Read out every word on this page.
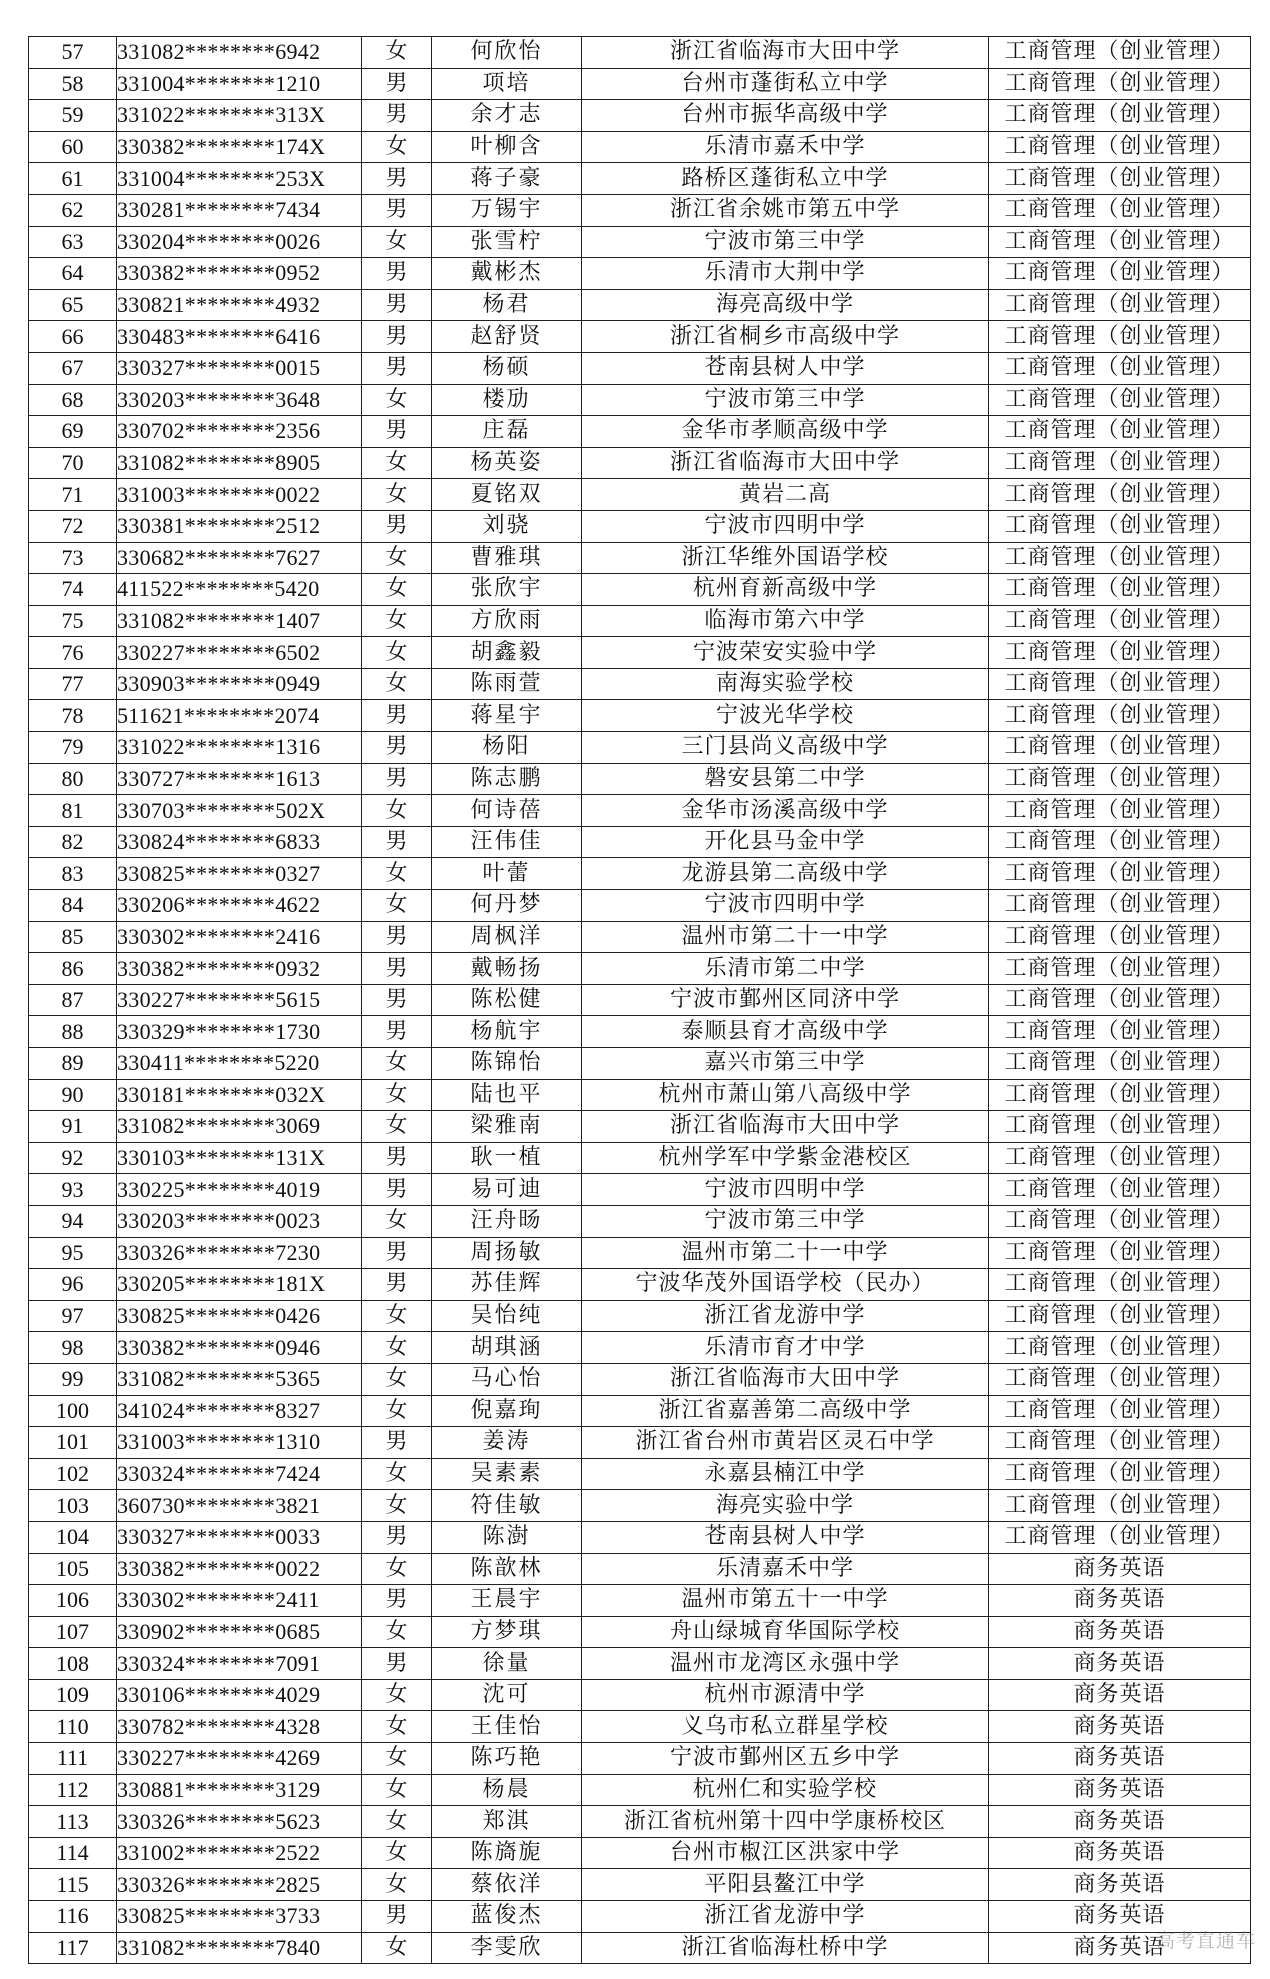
57	331082********6942	女	何欣怡	浙江省临海市大田中学	工商管理（创业管理）
58	331004********1210	男	项培	台州市蓬街私立中学	工商管理（创业管理）
59	331022********313X	男	余才志	台州市振华高级中学	工商管理（创业管理）
60	330382********174X	女	叶柳含	乐清市嘉禾中学	工商管理（创业管理）
61	331004********253X	男	蒋子豪	路桥区蓬街私立中学	工商管理（创业管理）
62	330281********7434	男	万锡宇	浙江省余姚市第五中学	工商管理（创业管理）
63	330204********0026	女	张雪柠	宁波市第三中学	工商管理（创业管理）
64	330382********0952	男	戴彬杰	乐清市大荆中学	工商管理（创业管理）
65	330821********4932	男	杨君	海亮高级中学	工商管理（创业管理）
66	330483********6416	男	赵舒贤	浙江省桐乡市高级中学	工商管理（创业管理）
67	330327********0015	男	杨硕	苍南县树人中学	工商管理（创业管理）
68	330203********3648	女	楼劢	宁波市第三中学	工商管理（创业管理）
69	330702********2356	男	庄磊	金华市孝顺高级中学	工商管理（创业管理）
70	331082********8905	女	杨英姿	浙江省临海市大田中学	工商管理（创业管理）
71	331003********0022	女	夏铭双	黄岩二高	工商管理（创业管理）
72	330381********2512	男	刘骁	宁波市四明中学	工商管理（创业管理）
73	330682********7627	女	曹雅琪	浙江华维外国语学校	工商管理（创业管理）
74	411522********5420	女	张欣宇	杭州育新高级中学	工商管理（创业管理）
75	331082********1407	女	方欣雨	临海市第六中学	工商管理（创业管理）
76	330227********6502	女	胡鑫毅	宁波荣安实验中学	工商管理（创业管理）
77	330903********0949	女	陈雨萱	南海实验学校	工商管理（创业管理）
78	511621********2074	男	蒋星宇	宁波光华学校	工商管理（创业管理）
79	331022********1316	男	杨阳	三门县尚义高级中学	工商管理（创业管理）
80	330727********1613	男	陈志鹏	磐安县第二中学	工商管理（创业管理）
81	330703********502X	女	何诗蓓	金华市汤溪高级中学	工商管理（创业管理）
82	330824********6833	男	汪伟佳	开化县马金中学	工商管理（创业管理）
83	330825********0327	女	叶蕾	龙游县第二高级中学	工商管理（创业管理）
84	330206********4622	女	何丹梦	宁波市四明中学	工商管理（创业管理）
85	330302********2416	男	周枫洋	温州市第二十一中学	工商管理（创业管理）
86	330382********0932	男	戴畅扬	乐清市第二中学	工商管理（创业管理）
87	330227********5615	男	陈松健	宁波市鄞州区同济中学	工商管理（创业管理）
88	330329********1730	男	杨航宇	泰顺县育才高级中学	工商管理（创业管理）
89	330411********5220	女	陈锦怡	嘉兴市第三中学	工商管理（创业管理）
90	330181********032X	女	陆也平	杭州市萧山第八高级中学	工商管理（创业管理）
91	331082********3069	女	梁雅南	浙江省临海市大田中学	工商管理（创业管理）
92	330103********131X	男	耿一植	杭州学军中学紫金港校区	工商管理（创业管理）
93	330225********4019	男	易可迪	宁波市四明中学	工商管理（创业管理）
94	330203********0023	女	汪舟旸	宁波市第三中学	工商管理（创业管理）
95	330326********7230	男	周扬敏	温州市第二十一中学	工商管理（创业管理）
96	330205********181X	男	苏佳辉	宁波华茂外国语学校（民办）	工商管理（创业管理）
97	330825********0426	女	吴怡纯	浙江省龙游中学	工商管理（创业管理）
98	330382********0946	女	胡琪涵	乐清市育才中学	工商管理（创业管理）
99	331082********5365	女	马心怡	浙江省临海市大田中学	工商管理（创业管理）
100	341024********8327	女	倪嘉珣	浙江省嘉善第二高级中学	工商管理（创业管理）
101	331003********1310	男	姜涛	浙江省台州市黄岩区灵石中学	工商管理（创业管理）
102	330324********7424	女	吴素素	永嘉县楠江中学	工商管理（创业管理）
103	360730********3821	女	符佳敏	海亮实验中学	工商管理（创业管理）
104	330327********0033	男	陈澍	苍南县树人中学	工商管理（创业管理）
105	330382********0022	女	陈歆林	乐清嘉禾中学	商务英语
106	330302********2411	男	王晨宇	温州市第五十一中学	商务英语
107	330902********0685	女	方梦琪	舟山绿城育华国际学校	商务英语
108	330324********7091	男	徐量	温州市龙湾区永强中学	商务英语
109	330106********4029	女	沈可	杭州市源清中学	商务英语
110	330782********4328	女	王佳怡	义乌市私立群星学校	商务英语
111	330227********4269	女	陈巧艳	宁波市鄞州区五乡中学	商务英语
112	330881********3129	女	杨晨	杭州仁和实验学校	商务英语
113	330326********5623	女	郑淇	浙江省杭州第十四中学康桥校区	商务英语
114	331002********2522	女	陈旖旎	台州市椒江区洪家中学	商务英语
115	330326********2825	女	蔡依洋	平阳县鳌江中学	商务英语
116	330825********3733	男	蓝俊杰	浙江省龙游中学	商务英语
117	331082********7840	女	李雯欣	浙江省临海杜桥中学	商务英语
高考直通车
